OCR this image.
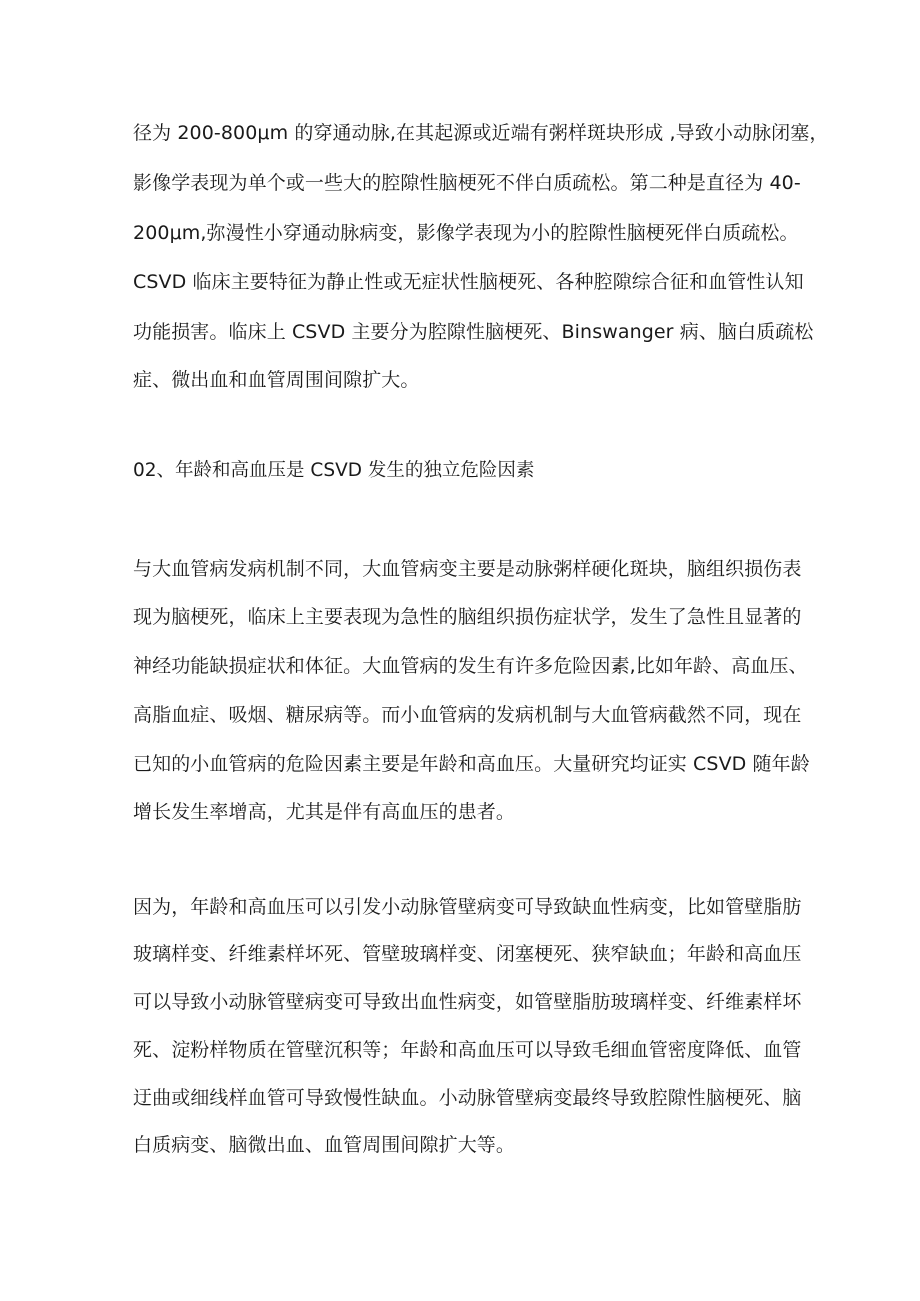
径为 200-800μm 的穿通动脉,在其起源或近端有粥样斑块形成 ,导致小动脉闭塞，
影像学表现为单个或一些大的腔隙性脑梗死不伴白质疏松。第二种是直径为 40-
200μm,弥漫性小穿通动脉病变，影像学表现为小的腔隙性脑梗死伴白质疏松。
CSVD 临床主要特征为静止性或无症状性脑梗死、各种腔隙综合征和血管性认知
功能损害。临床上 CSVD 主要分为腔隙性脑梗死、Binswanger 病、脑白质疏松
症、微出血和血管周围间隙扩大。
02、年龄和高血压是 CSVD 发生的独立危险因素
与大血管病发病机制不同，大血管病变主要是动脉粥样硬化斑块，脑组织损伤表
现为脑梗死，临床上主要表现为急性的脑组织损伤症状学，发生了急性且显著的
神经功能缺损症状和体征。大血管病的发生有许多危险因素,比如年龄、高血压、
高脂血症、吸烟、糖尿病等。而小血管病的发病机制与大血管病截然不同，现在
已知的小血管病的危险因素主要是年龄和高血压。大量研究均证实 CSVD 随年龄
增长发生率增高，尤其是伴有高血压的患者。
因为，年龄和高血压可以引发小动脉管壁病变可导致缺血性病变，比如管壁脂肪
玻璃样变、纤维素样坏死、管壁玻璃样变、闭塞梗死、狭窄缺血；年龄和高血压
可以导致小动脉管壁病变可导致出血性病变，如管壁脂肪玻璃样变、纤维素样坏
死、淀粉样物质在管壁沉积等；年龄和高血压可以导致毛细血管密度降低、血管
迂曲或细线样血管可导致慢性缺血。小动脉管壁病变最终导致腔隙性脑梗死、脑
白质病变、脑微出血、血管周围间隙扩大等。
